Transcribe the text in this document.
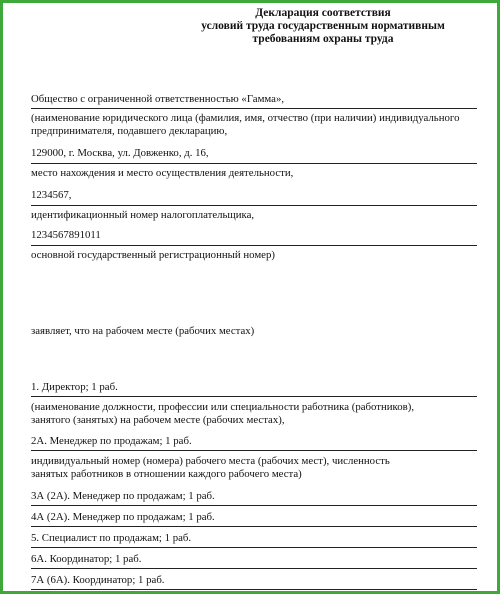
Декларация соответствия
условий труда государственным нормативным
требованиям охраны труда
Общество с ограниченной ответственностью «Гамма»,
(наименование юридического лица (фамилия, имя, отчество (при наличии) индивидуального
предпринимателя, подавшего декларацию,
129000, г. Москва, ул. Довженко, д. 16,
место нахождения и место осуществления деятельности,
1234567,
идентификационный номер налогоплательщика,
1234567891011
основной государственный регистрационный номер)
заявляет, что на рабочем месте (рабочих местах)
1. Директор; 1 раб.
(наименование должности, профессии или специальности работника (работников),
занятого (занятых) на рабочем месте (рабочих местах),
2А. Менеджер по продажам; 1 раб.
индивидуальный номер (номера) рабочего места (рабочих мест), численность
занятых работников в отношении каждого рабочего места)
3А (2А). Менеджер по продажам; 1 раб.
4А (2А). Менеджер по продажам; 1 раб.
5. Специалист по продажам; 1 раб.
6А. Координатор; 1 раб.
7А (6А). Координатор; 1 раб.
